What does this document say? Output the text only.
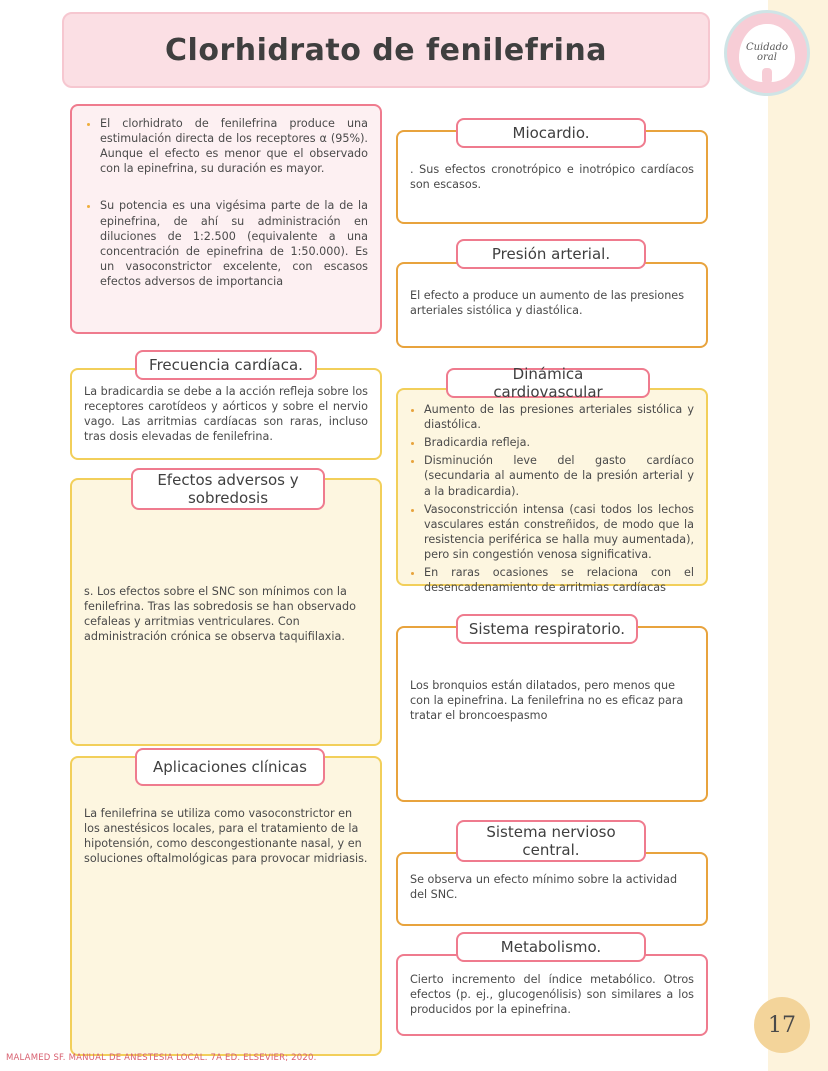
Clorhidrato de fenilefrina	Cuidado
oral
• El clorhidrato de fenilefrina produce una estimulación directa de los receptores α (95%). Aunque el efecto es menor que el observado con la epinefrina, su duración es mayor.
• Su potencia es una vigésima parte de la de la epinefrina, de ahí su administración en diluciones de 1:2.500 (equivalente a una concentración de epinefrina de 1:50.000). Es un vasoconstrictor excelente, con escasos efectos adversos de importancia
La bradicardia se debe a la acción refleja sobre los receptores carotídeos y aórticos y sobre el nervio vago. Las arritmias cardíacas son raras, incluso tras dosis elevadas de fenilefrina.
Frecuencia cardíaca.
s. Los efectos sobre el SNC son mínimos con la fenilefrina. Tras las sobredosis se han observado cefaleas y arritmias ventriculares. Con administración crónica se observa taquifilaxia.
Efectos adversos y sobredosis
La fenilefrina se utiliza como vasoconstrictor en los anestésicos locales, para el tratamiento de la hipotensión, como descongestionante nasal, y en soluciones oftalmológicas para provocar midriasis.
Aplicaciones clínicas
. Sus efectos cronotrópico e inotrópico cardíacos son escasos.
Miocardio.
El efecto a produce un aumento de las presiones arteriales sistólica y diastólica.
Presión arterial.
• Aumento de las presiones arteriales sistólica y diastólica.
• Bradicardia refleja.
• Disminución leve del gasto cardíaco (secundaria al aumento de la presión arterial y a la bradicardia).
• Vasoconstricción intensa (casi todos los lechos vasculares están constreñidos, de modo que la resistencia periférica se halla muy aumentada), pero sin congestión venosa significativa.
• En raras ocasiones se relaciona con el desencadenamiento de arritmias cardíacas
Dinámica cardiovascular
Los bronquios están dilatados, pero menos que con la epinefrina. La fenilefrina no es eficaz para tratar el broncoespasmo
Sistema respiratorio.
Se observa un efecto mínimo sobre la actividad del SNC.
Sistema nervioso central.
Cierto incremento del índice metabólico. Otros efectos (p. ej., glucogenólisis) son similares a los producidos por la epinefrina.
Metabolismo.
MALAMED SF. MANUAL DE ANESTESIA LOCAL. 7A ED. ELSEVIER; 2020.
17
